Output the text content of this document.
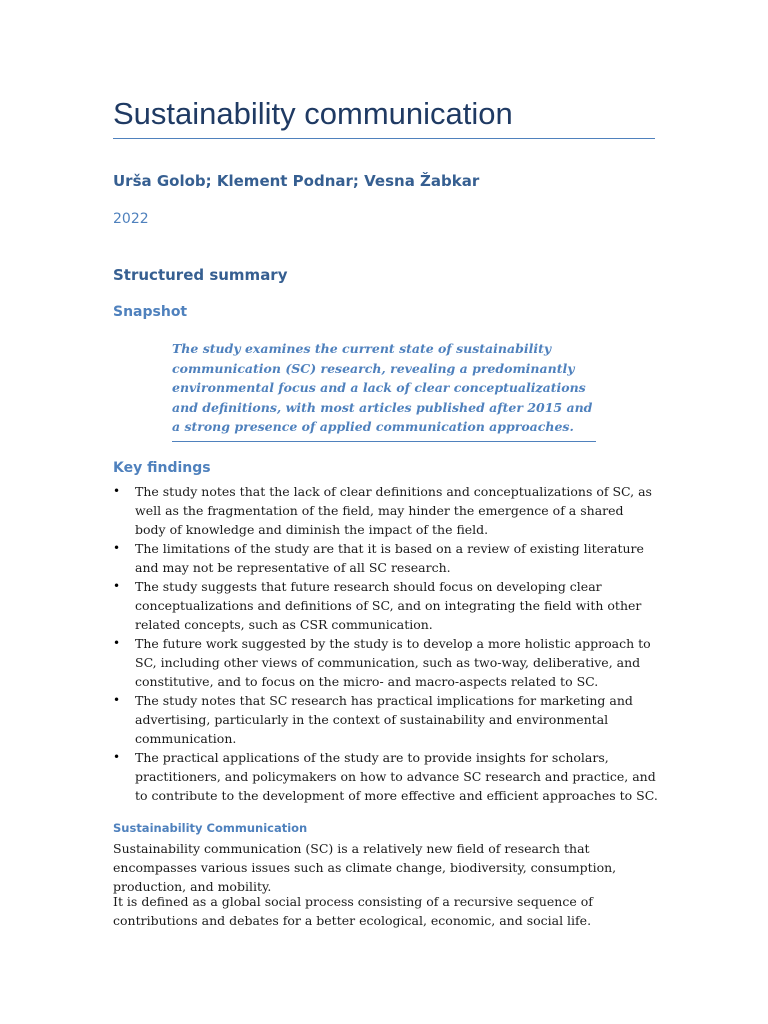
Sustainability communication
Urša Golob; Klement Podnar; Vesna Žabkar
2022
Structured summary
Snapshot
The study examines the current state of sustainability communication (SC) research, revealing a predominantly environmental focus and a lack of clear conceptualizations and definitions, with most articles published after 2015 and a strong presence of applied communication approaches.
Key findings
• The study notes that the lack of clear definitions and conceptualizations of SC, as well as the fragmentation of the field, may hinder the emergence of a shared body of knowledge and diminish the impact of the field.
• The limitations of the study are that it is based on a review of existing literature and may not be representative of all SC research.
• The study suggests that future research should focus on developing clear conceptualizations and definitions of SC, and on integrating the field with other related concepts, such as CSR communication.
• The future work suggested by the study is to develop a more holistic approach to SC, including other views of communication, such as two-way, deliberative, and constitutive, and to focus on the micro- and macro-aspects related to SC.
• The study notes that SC research has practical implications for marketing and advertising, particularly in the context of sustainability and environmental communication.
• The practical applications of the study are to provide insights for scholars, practitioners, and policymakers on how to advance SC research and practice, and to contribute to the development of more effective and efficient approaches to SC.
Sustainability Communication

Sustainability communication (SC) is a relatively new field of research that encompasses various issues such as climate change, biodiversity, consumption, production, and mobility.

It is defined as a global social process consisting of a recursive sequence of contributions and debates for a better ecological, economic, and social life.
